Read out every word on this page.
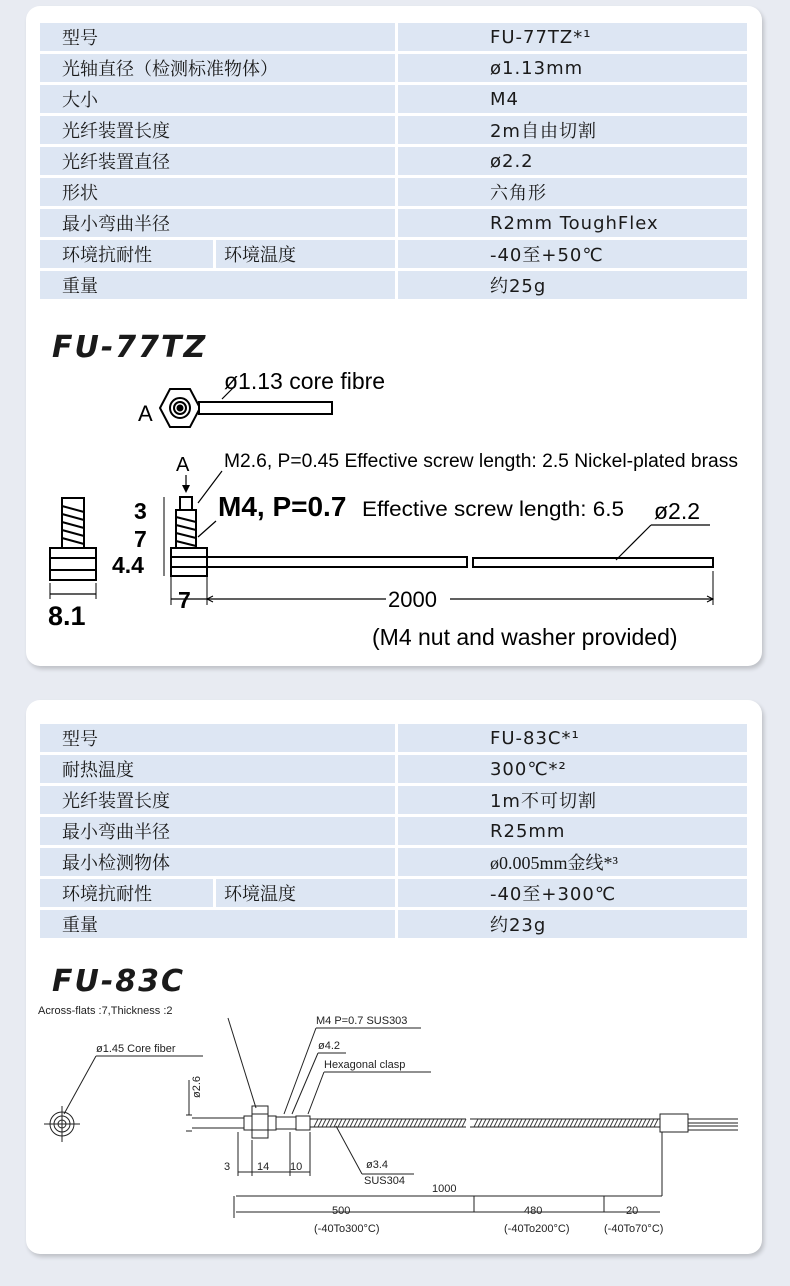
型号		FU-77TZ*¹
光轴直径（检测标准物体）		ø1.13mm
大小		M4
光纤装置长度		2m自由切割
光纤装置直径		ø2.2
形状		六角形
最小弯曲半径		R2mm ToughFlex
环境抗耐性	环境温度	-40至+50℃
重量		约25g
FU-77TZ
A
ø1.13 core fibre
A M2.6, P=0.45 Effective screw length: 2.5 Nickel-plated brass
8.1
3
7
4.4
M4, P=0.7 Effective screw length: 6.5 ø2.2
7	2000
(M4 nut and washer provided)
型号		FU-83C*¹
耐热温度		300℃*²
光纤装置长度		1m不可切割
最小弯曲半径		R25mm
最小检测物体		ø0.005mm金线*³
环境抗耐性	环境温度	-40至+300℃
重量		约23g
FU-83C
Across-flats :7,Thickness :2
M4 P=0.7 SUS303
ø1.45 Core fiber	ø4.2
Hexagonal clasp
ø3.4
SUS304
1000
500	480	20
(-40To300°C)	(-40To200°C)	(-40To70°C)
3 14 10
ø2.6
